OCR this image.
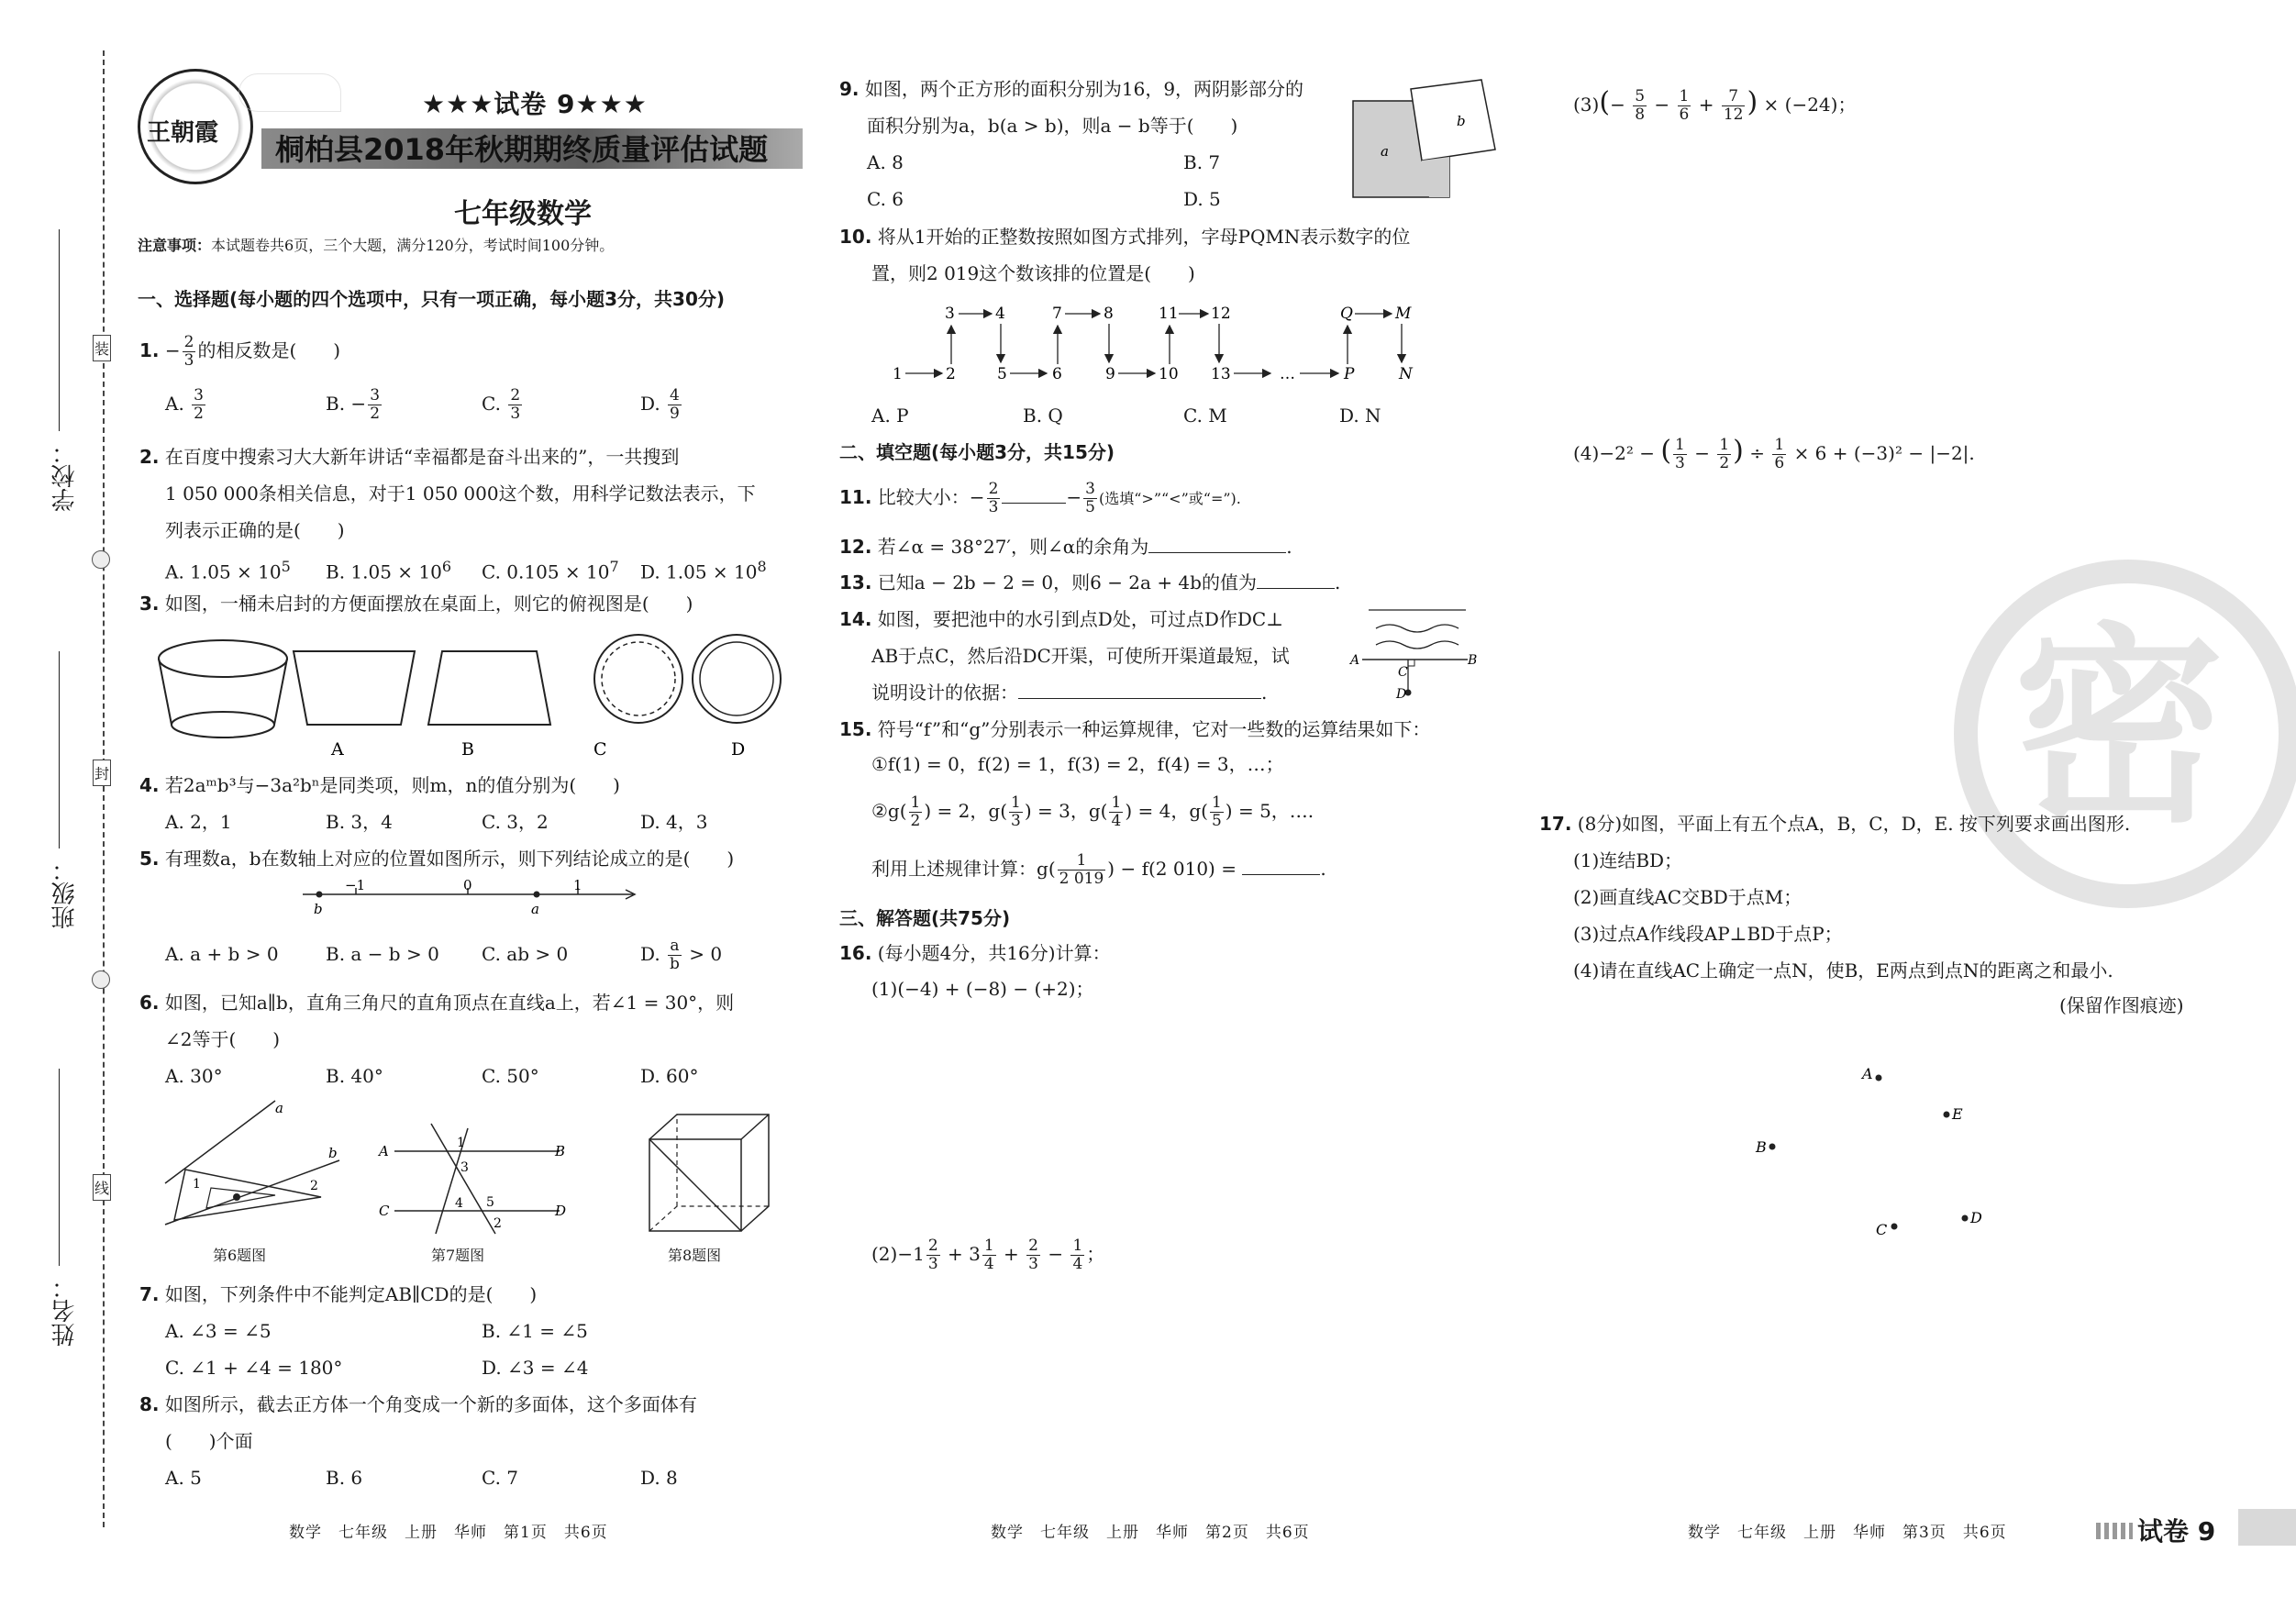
装
封
线
学校：
班级：
姓名：
王朝霞
★★★试卷 9★★★
桐柏县2018年秋期期终质量评估试题
七年级数学
注意事项：本试题卷共6页，三个大题，满分120分，考试时间100分钟。
一、选择题(每小题的四个选项中，只有一项正确，每小题3分，共30分)
1. − $\frac{2}{3}$ 的相反数是(　　)
A. $\frac{3}{2}$	B. − $\frac{3}{2}$	C. $\frac{2}{3}$	D. $\frac{4}{9}$
2. 在百度中搜索习大大新年讲话“幸福都是奋斗出来的”，一共搜到
1 050 000条相关信息，对于1 050 000这个数，用科学记数法表示，下
列表示正确的是(　　)
A. $1.05 \times 10^5$ B. $1.05 \times 10^6$ C. $0.105 \times 10^7$ D. $1.05 \times 10^8$
3. 如图，一桶未启封的方便面摆放在桌面上，则它的俯视图是(　　)
A	B	C	D
4. 若2aᵐb³与−3a²bⁿ是同类项，则m，n的值分别为(　　)
A. 2，1	B. 3，4	C. 3，2	D. 4，3
5. 有理数a，b在数轴上对应的位置如图所示，则下列结论成立的是(　　)
b
−1	0
a
1
A. a + b > 0	B. a − b > 0 C. ab > 0	D. $\frac{a}{b} > 0$
6. 如图，已知a∥b，直角三角尺的直角顶点在直线a上，若∠1 = 30°，则
∠2等于(　　)
A. 30°	B. 40°	C. 50°	D. 60°
a
b
1	2
第6题图
A	B
C	D
1
3
5
4
2
第7题图	第8题图
7. 如图，下列条件中不能判定AB∥CD的是(　　)
A. ∠3 = ∠5	B. ∠1 = ∠5
C. ∠1 + ∠4 = 180°	D. ∠3 = ∠4
8. 如图所示，截去正方体一个角变成一个新的多面体，这个多面体有
(　　)个面
A. 5	B. 6	C. 7	D. 8
数学　七年级　上册　华师　第1页　共6页
9. 如图，两个正方形的面积分别为16，9，两阴影部分的
面积分别为a，b(a > b)，则a − b等于(　　)
A. 8	B. 7
C. 6	D. 5
a
b
10. 将从1开始的正整数按照如图方式排列，字母PQMN表示数字的位
置，则2 019这个数该排的位置是(　　)
3	4	7	8	11 12	Q	M
1	2	5	6	9	10 13	…	P	N
A. P	B. Q	C. M	D. N
二、填空题(每小题3分，共15分)
11. 比较大小：− $\frac{2}{3}$	− $\frac{3}{5}$ (选填“>”“<”或“=”).
12. 若∠α = 38°27′，则∠α的余角为	.
13. 已知a − 2b − 2 = 0，则6 − 2a + 4b的值为	.
14. 如图，要把池中的水引到点D处，可过点D作DC⊥
AB于点C，然后沿DC开渠，可使所开渠道最短，试
说明设计的依据：	.
A	B
C
D
15. 符号“f”和“g”分别表示一种运算规律，它对一些数的运算结果如下：
①f(1) = 0，f(2) = 1，f(3) = 2，f(4) = 3，…；
②g( $\frac{1}{2}$ ) = 2，$g( \frac{1}{3}$ ) = 3，$g( \frac{1}{4}$ ) = 4，$g( \frac{1}{5}$ ) = 5，….
利用上述规律计算：$g( \frac{1}{2 019}$ ) − f(2 010) =	.
三、解答题(共75分)
16. (每小题4分，共16分)计算：
(1)(−4) + (−8) − (+2)；
$(2)-1 \frac{2}{3} + 3 \frac{1}{4} + \frac{2}{3} - \frac{1}{4}$ ；
数学　七年级　上册　华师　第2页　共6页
$(3)(- \frac{5}{8} - \frac{1}{6} + \frac{7}{12}$ ) × (−24)；
(4)−2² − ( $\frac{1}{3} - \frac{1}{2}$ ) ÷ $\frac{1}{6} \times 6 + (-3)^2 - |-2|$.
密
17. (8分)如图，平面上有五个点A，B，C，D，E. 按下列要求画出图形.
(1)连结BD；
(2)画直线AC交BD于点M；
(3)过点A作线段AP⊥BD于点P；
(4)请在直线AC上确定一点N，使B，E两点到点N的距离之和最小.
(保留作图痕迹)
A
E
B
C
D
数学　七年级　上册　华师　第3页　共6页	试卷 9
